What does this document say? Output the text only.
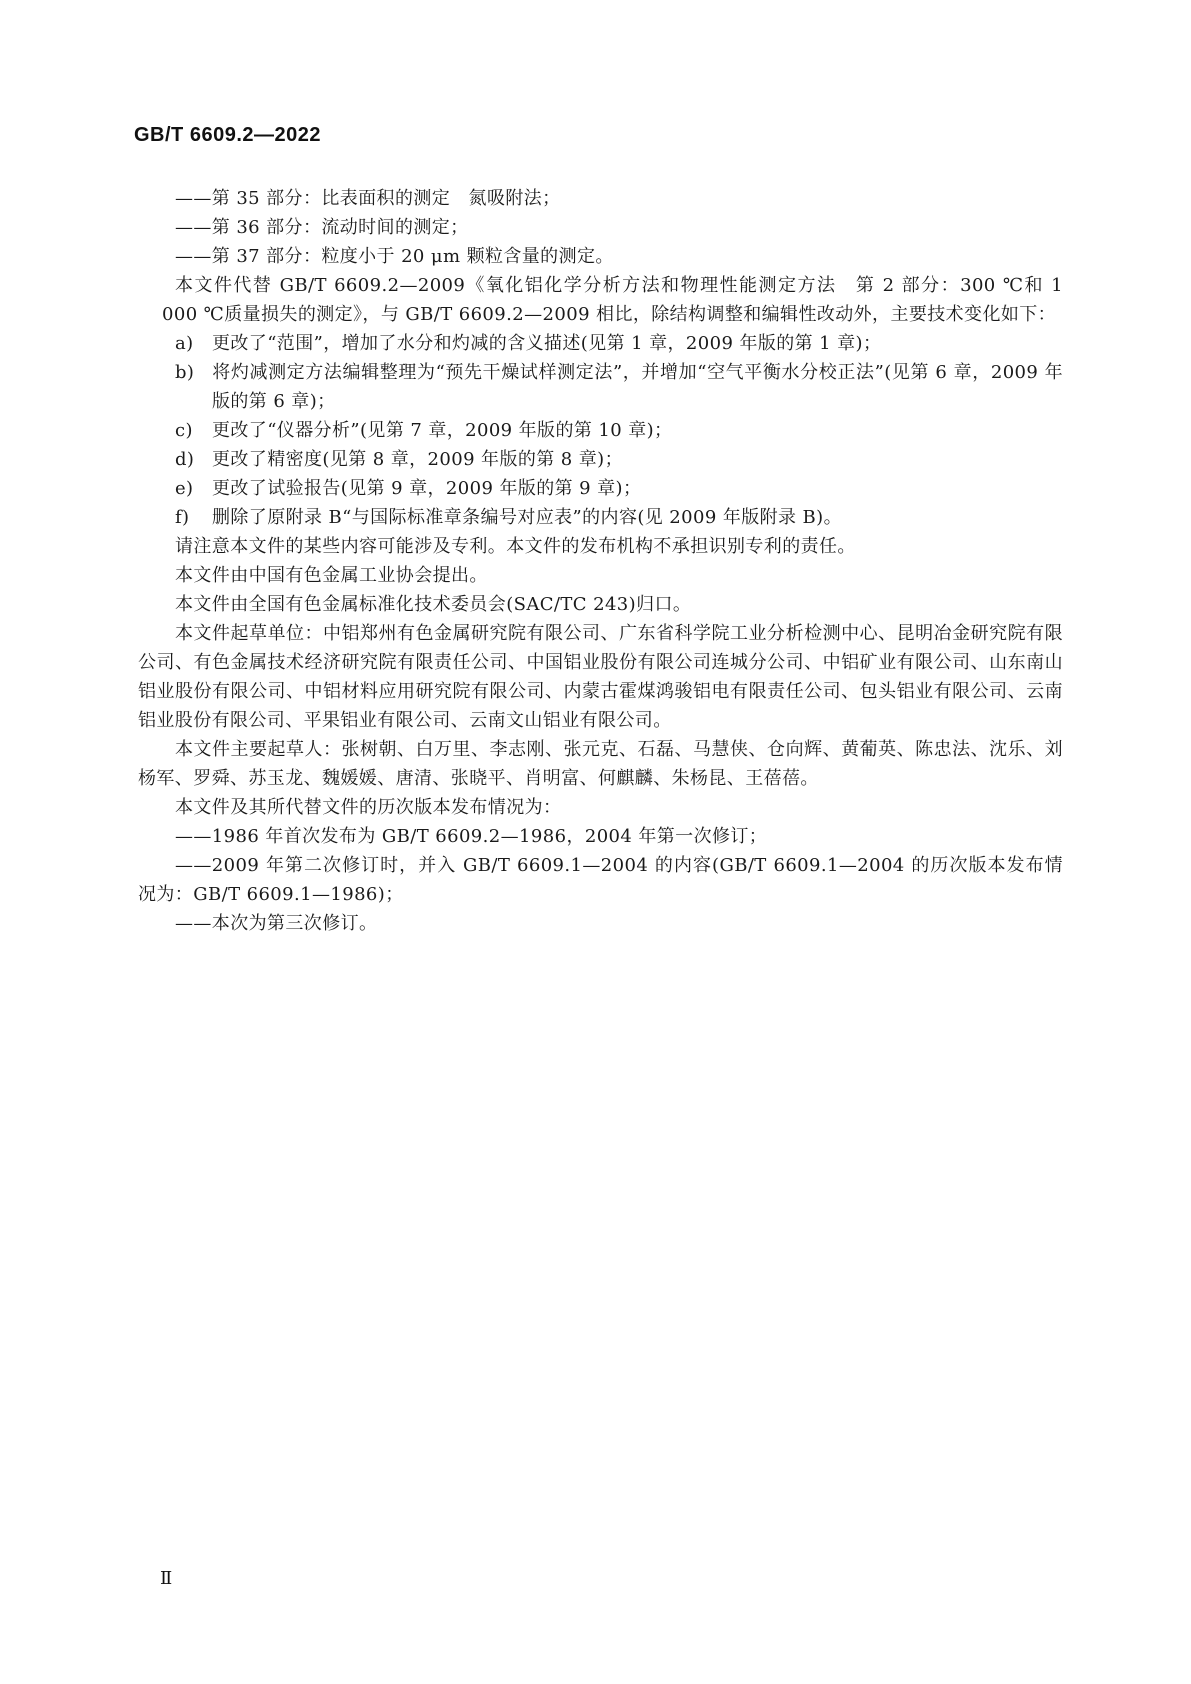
GB/T 6609.2—2022

——第 35 部分：比表面积的测定　氮吸附法；

——第 36 部分：流动时间的测定；

——第 37 部分：粒度小于 20 μm 颗粒含量的测定。

本文件代替 GB/T 6609.2—2009《氧化铝化学分析方法和物理性能测定方法　第 2 部分：300 ℃和 1 000 ℃质量损失的测定》，与 GB/T 6609.2—2009 相比，除结构调整和编辑性改动外，主要技术变化如下：

a) 更改了“范围”，增加了水分和灼减的含义描述(见第 1 章，2009 年版的第 1 章)；

b) 将灼减测定方法编辑整理为“预先干燥试样测定法”，并增加“空气平衡水分校正法”(见第 6 章，2009 年版的第 6 章)；

c) 更改了“仪器分析”(见第 7 章，2009 年版的第 10 章)；

d) 更改了精密度(见第 8 章，2009 年版的第 8 章)；

e) 更改了试验报告(见第 9 章，2009 年版的第 9 章)；

f) 删除了原附录 B“与国际标准章条编号对应表”的内容(见 2009 年版附录 B)。

请注意本文件的某些内容可能涉及专利。本文件的发布机构不承担识别专利的责任。

本文件由中国有色金属工业协会提出。

本文件由全国有色金属标准化技术委员会(SAC/TC 243)归口。

本文件起草单位：中铝郑州有色金属研究院有限公司、广东省科学院工业分析检测中心、昆明冶金研究院有限公司、有色金属技术经济研究院有限责任公司、中国铝业股份有限公司连城分公司、中铝矿业有限公司、山东南山铝业股份有限公司、中铝材料应用研究院有限公司、内蒙古霍煤鸿骏铝电有限责任公司、包头铝业有限公司、云南铝业股份有限公司、平果铝业有限公司、云南文山铝业有限公司。

本文件主要起草人：张树朝、白万里、李志刚、张元克、石磊、马慧侠、仓向辉、黄葡英、陈忠法、沈乐、刘杨军、罗舜、苏玉龙、魏媛媛、唐清、张晓平、肖明富、何麒麟、朱杨昆、王蓓蓓。

本文件及其所代替文件的历次版本发布情况为：

——1986 年首次发布为 GB/T 6609.2—1986，2004 年第一次修订；

——2009 年第二次修订时，并入 GB/T 6609.1—2004 的内容(GB/T 6609.1—2004 的历次版本发布情况为：GB/T 6609.1—1986)；

——本次为第三次修订。

Ⅱ
